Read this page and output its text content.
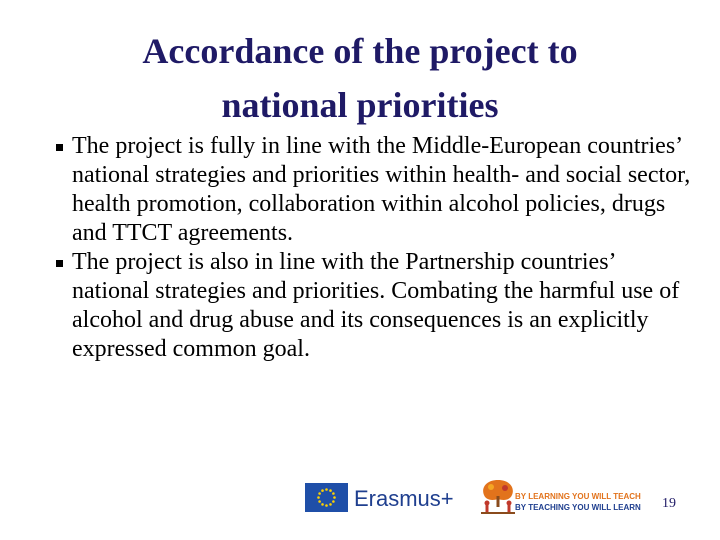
Accordance of the project to
national priorities
The project is fully in line with the Middle-European countries’ national strategies and priorities within health- and social sector, health promotion, collaboration within alcohol policies, drugs and TTCT agreements.
The project is also in line with the Partnership countries’ national strategies and priorities. Combating the harmful use of alcohol and drug abuse and its consequences is an explicitly expressed common goal.
Erasmus+	BY LEARNING YOU WILL TEACH
BY TEACHING YOU WILL LEARN 19
